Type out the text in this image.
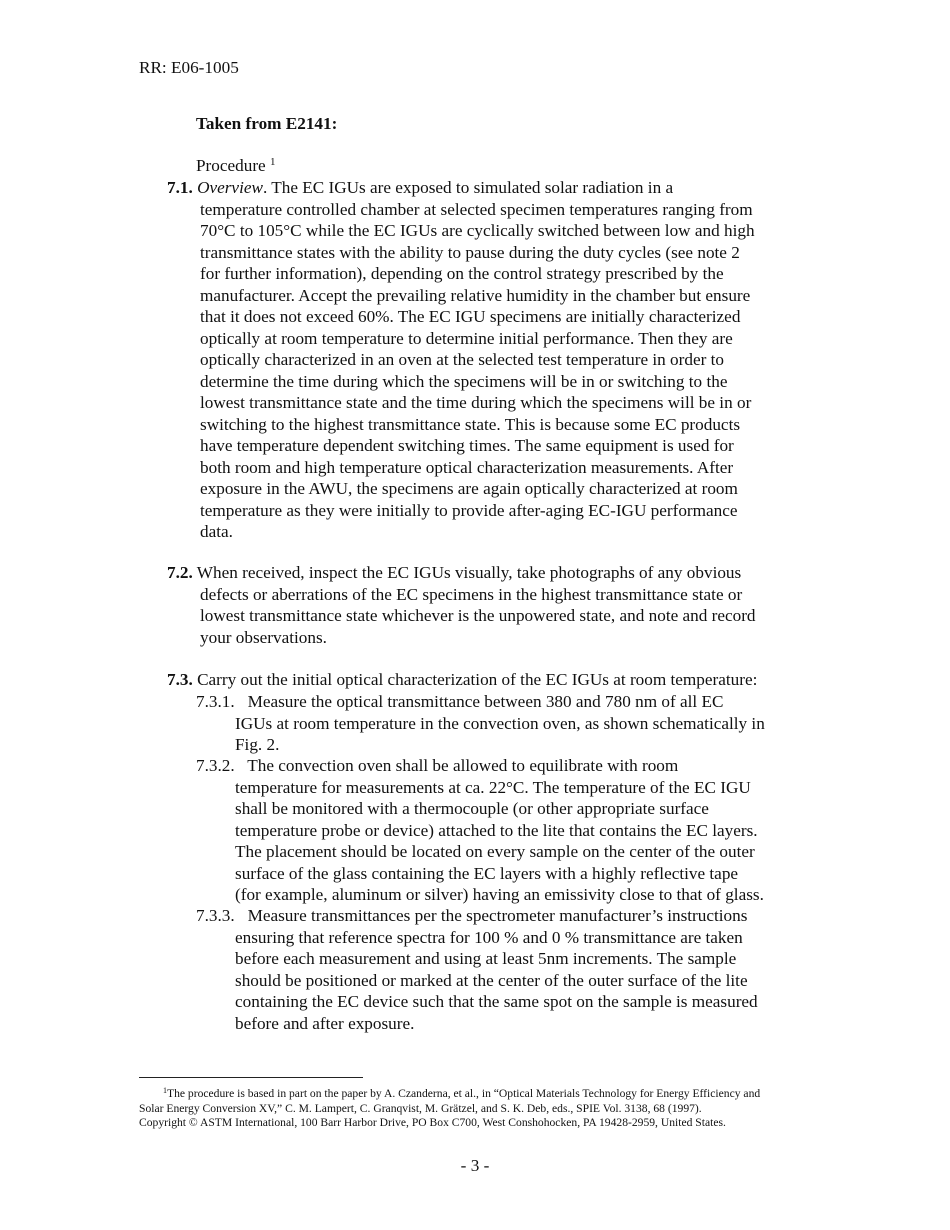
RR: E06-1005
Taken from E2141:
Procedure $^1$
7.1. Overview. The EC IGUs are exposed to simulated solar radiation in a
temperature controlled chamber at selected specimen temperatures ranging from
70°C to 105°C while the EC IGUs are cyclically switched between low and high
transmittance states with the ability to pause during the duty cycles (see note 2
for further information), depending on the control strategy prescribed by the
manufacturer. Accept the prevailing relative humidity in the chamber but ensure
that it does not exceed 60%. The EC IGU specimens are initially characterized
optically at room temperature to determine initial performance. Then they are
optically characterized in an oven at the selected test temperature in order to
determine the time during which the specimens will be in or switching to the
lowest transmittance state and the time during which the specimens will be in or
switching to the highest transmittance state. This is because some EC products
have temperature dependent switching times. The same equipment is used for
both room and high temperature optical characterization measurements. After
exposure in the AWU, the specimens are again optically characterized at room
temperature as they were initially to provide after-aging EC-IGU performance
data.
7.2. When received, inspect the EC IGUs visually, take photographs of any obvious
defects or aberrations of the EC specimens in the highest transmittance state or
lowest transmittance state whichever is the unpowered state, and note and record
your observations.
7.3. Carry out the initial optical characterization of the EC IGUs at room temperature:
7.3.1.   Measure the optical transmittance between 380 and 780 nm of all EC
IGUs at room temperature in the convection oven, as shown schematically in
Fig. 2.
7.3.2.   The convection oven shall be allowed to equilibrate with room
temperature for measurements at ca. 22°C. The temperature of the EC IGU
shall be monitored with a thermocouple (or other appropriate surface
temperature probe or device) attached to the lite that contains the EC layers.
The placement should be located on every sample on the center of the outer
surface of the glass containing the EC layers with a highly reflective tape
(for example, aluminum or silver) having an emissivity close to that of glass.
7.3.3.   Measure transmittances per the spectrometer manufacturer’s instructions
ensuring that reference spectra for 100 % and 0 % transmittance are taken
before each measurement and using at least 5nm increments. The sample
should be positioned or marked at the center of the outer surface of the lite
containing the EC device such that the same spot on the sample is measured
before and after exposure.
$^1$The procedure is based in part on the paper by A. Czanderna, et al., in “Optical Materials Technology for Energy Efficiency and
Solar Energy Conversion XV,” C. M. Lampert, C. Granqvist, M. Grätzel, and S. K. Deb, eds., SPIE Vol. 3138, 68 (1997).
Copyright © ASTM International, 100 Barr Harbor Drive, PO Box C700, West Conshohocken, PA 19428-2959, United States.
- 3 -
